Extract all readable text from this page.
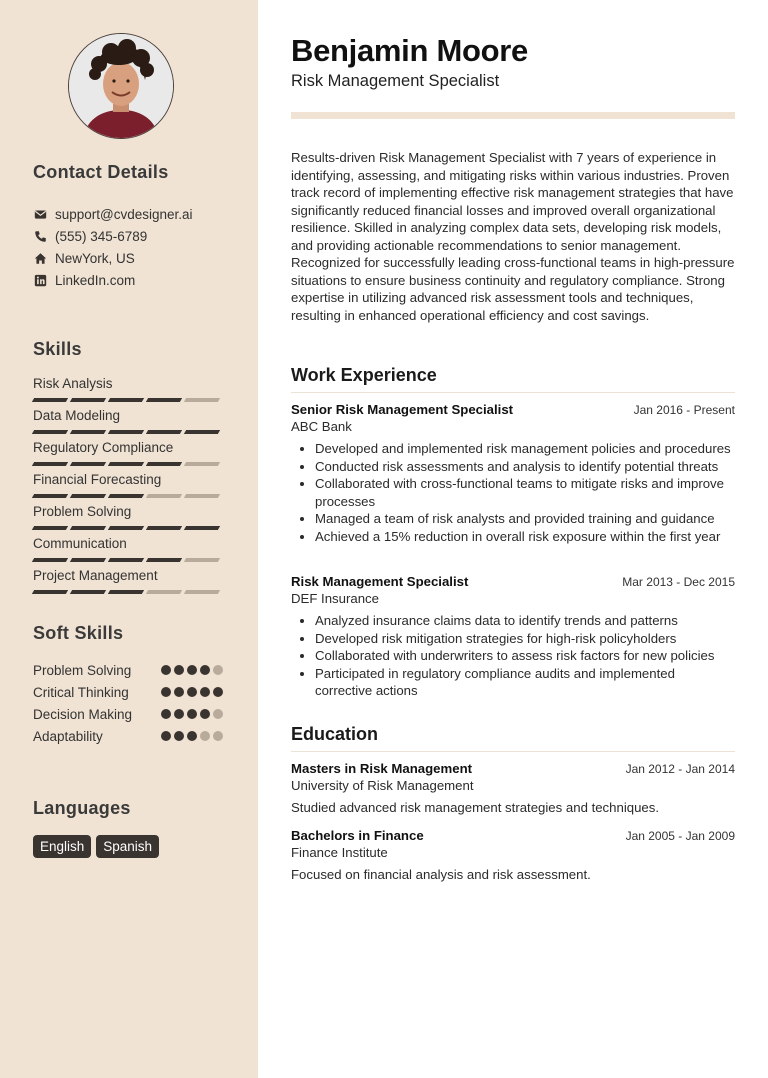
Contact Details
support@cvdesigner.ai
(555) 345-6789
NewYork, US
LinkedIn.com
Skills
Risk Analysis
Data Modeling
Regulatory Compliance
Financial Forecasting
Problem Solving
Communication
Project Management
Soft Skills
Problem Solving
Critical Thinking
Decision Making
Adaptability
Languages
English	Spanish
Benjamin Moore
Risk Management Specialist

Results-driven Risk Management Specialist with 7 years of experience in identifying, assessing, and mitigating risks within various industries. Proven track record of implementing effective risk management strategies that have significantly reduced financial losses and improved overall organizational resilience. Skilled in analyzing complex data sets, developing risk models, and providing actionable recommendations to senior management. Recognized for successfully leading cross-functional teams in high-pressure situations to ensure business continuity and regulatory compliance. Strong expertise in utilizing advanced risk assessment tools and techniques, resulting in enhanced operational efficiency and cost savings.

Work Experience
Senior Risk Management Specialist	Jan 2016 - Present
ABC Bank
• Developed and implemented risk management policies and procedures
• Conducted risk assessments and analysis to identify potential threats
• Collaborated with cross-functional teams to mitigate risks and improve processes
• Managed a team of risk analysts and provided training and guidance
• Achieved a 15% reduction in overall risk exposure within the first year
Risk Management Specialist	Mar 2013 - Dec 2015
DEF Insurance
• Analyzed insurance claims data to identify trends and patterns
• Developed risk mitigation strategies for high-risk policyholders
• Collaborated with underwriters to assess risk factors for new policies
• Participated in regulatory compliance audits and implemented corrective actions
Education
Masters in Risk Management	Jan 2012 - Jan 2014
University of Risk Management
Studied advanced risk management strategies and techniques.
Bachelors in Finance	Jan 2005 - Jan 2009
Finance Institute
Focused on financial analysis and risk assessment.
